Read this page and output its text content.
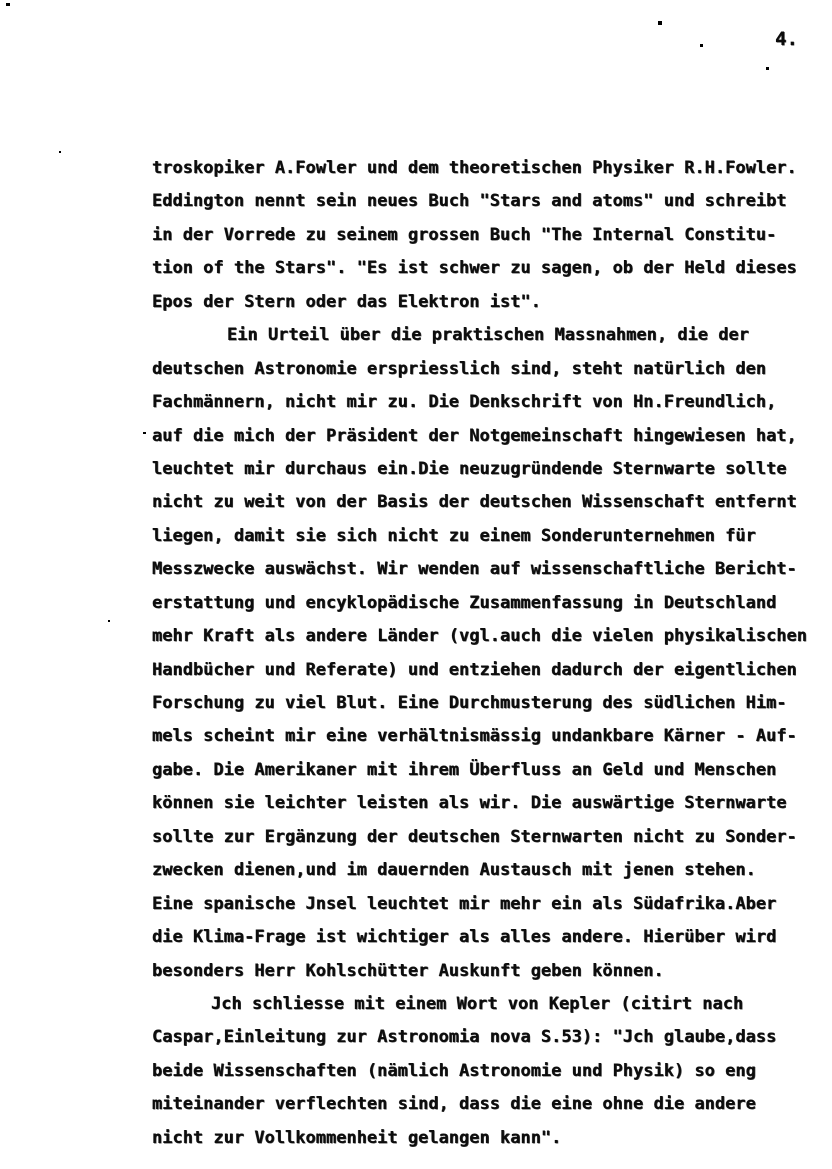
4.
troskopiker A.Fowler und dem theoretischen Physiker R.H.Fowler.
Eddington nennt sein neues Buch "Stars and atoms" und schreibt
in der Vorrede zu seinem grossen Buch "The Internal Constitu-
tion of the Stars". "Es ist schwer zu sagen, ob der Held dieses
Epos der Stern oder das Elektron ist".
Ein Urteil über die praktischen Massnahmen, die der
deutschen Astronomie erspriesslich sind, steht natürlich den
Fachmännern, nicht mir zu. Die Denkschrift von Hn.Freundlich,
auf die mich der Präsident der Notgemeinschaft hingewiesen hat,
leuchtet mir durchaus ein.Die neuzugründende Sternwarte sollte
nicht zu weit von der Basis der deutschen Wissenschaft entfernt
liegen, damit sie sich nicht zu einem Sonderunternehmen für
Messzwecke auswächst. Wir wenden auf wissenschaftliche Bericht-
erstattung und encyklopädische Zusammenfassung in Deutschland
mehr Kraft als andere Länder (vgl.auch die vielen physikalischen
Handbücher und Referate) und entziehen dadurch der eigentlichen
Forschung zu viel Blut. Eine Durchmusterung des südlichen Him-
mels scheint mir eine verhältnismässig undankbare Kärner - Auf-
gabe. Die Amerikaner mit ihrem Überfluss an Geld und Menschen
können sie leichter leisten als wir. Die auswärtige Sternwarte
sollte zur Ergänzung der deutschen Sternwarten nicht zu Sonder-
zwecken dienen,und im dauernden Austausch mit jenen stehen.
Eine spanische Jnsel leuchtet mir mehr ein als Südafrika.Aber
die Klima-Frage ist wichtiger als alles andere. Hierüber wird
besonders Herr Kohlschütter Auskunft geben können.
Jch schliesse mit einem Wort von Kepler (citirt nach
Caspar,Einleitung zur Astronomia nova S.53): "Jch glaube,dass
beide Wissenschaften (nämlich Astronomie und Physik) so eng
miteinander verflechten sind, dass die eine ohne die andere
nicht zur Vollkommenheit gelangen kann".
